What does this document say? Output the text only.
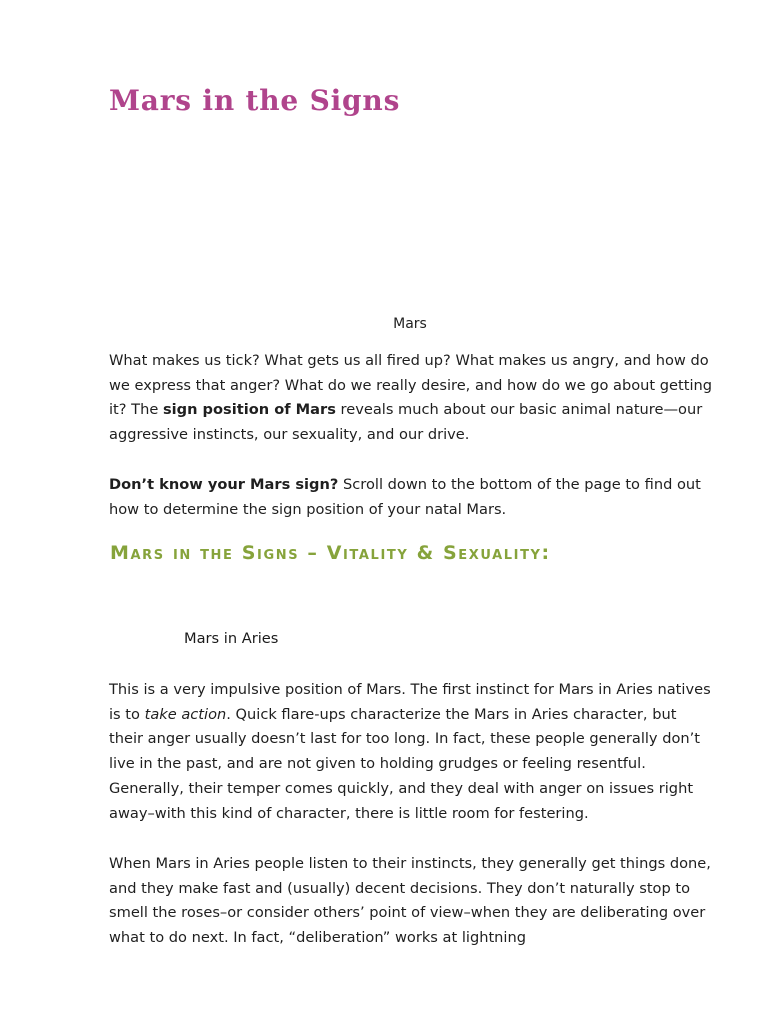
Mars in the Signs
Mars

What makes us tick? What gets us all fired up? What makes us angry, and how do we express that anger? What do we really desire, and how do we go about getting it? The sign position of Mars reveals much about our basic animal nature—our aggressive instincts, our sexuality, and our drive.

Don’t know your Mars sign? Scroll down to the bottom of the page to find out how to determine the sign position of your natal Mars.

Mars in the Signs – Vitality & Sexuality:
Mars in Aries

This is a very impulsive position of Mars. The first instinct for Mars in Aries natives is to take action. Quick flare-ups characterize the Mars in Aries character, but their anger usually doesn’t last for too long. In fact, these people generally don’t live in the past, and are not given to holding grudges or feeling resentful. Generally, their temper comes quickly, and they deal with anger on issues right away–with this kind of character, there is little room for festering.

When Mars in Aries people listen to their instincts, they generally get things done, and they make fast and (usually) decent decisions. They don’t naturally stop to smell the roses–or consider others’ point of view–when they are deliberating over what to do next. In fact, “deliberation” works at lightning
